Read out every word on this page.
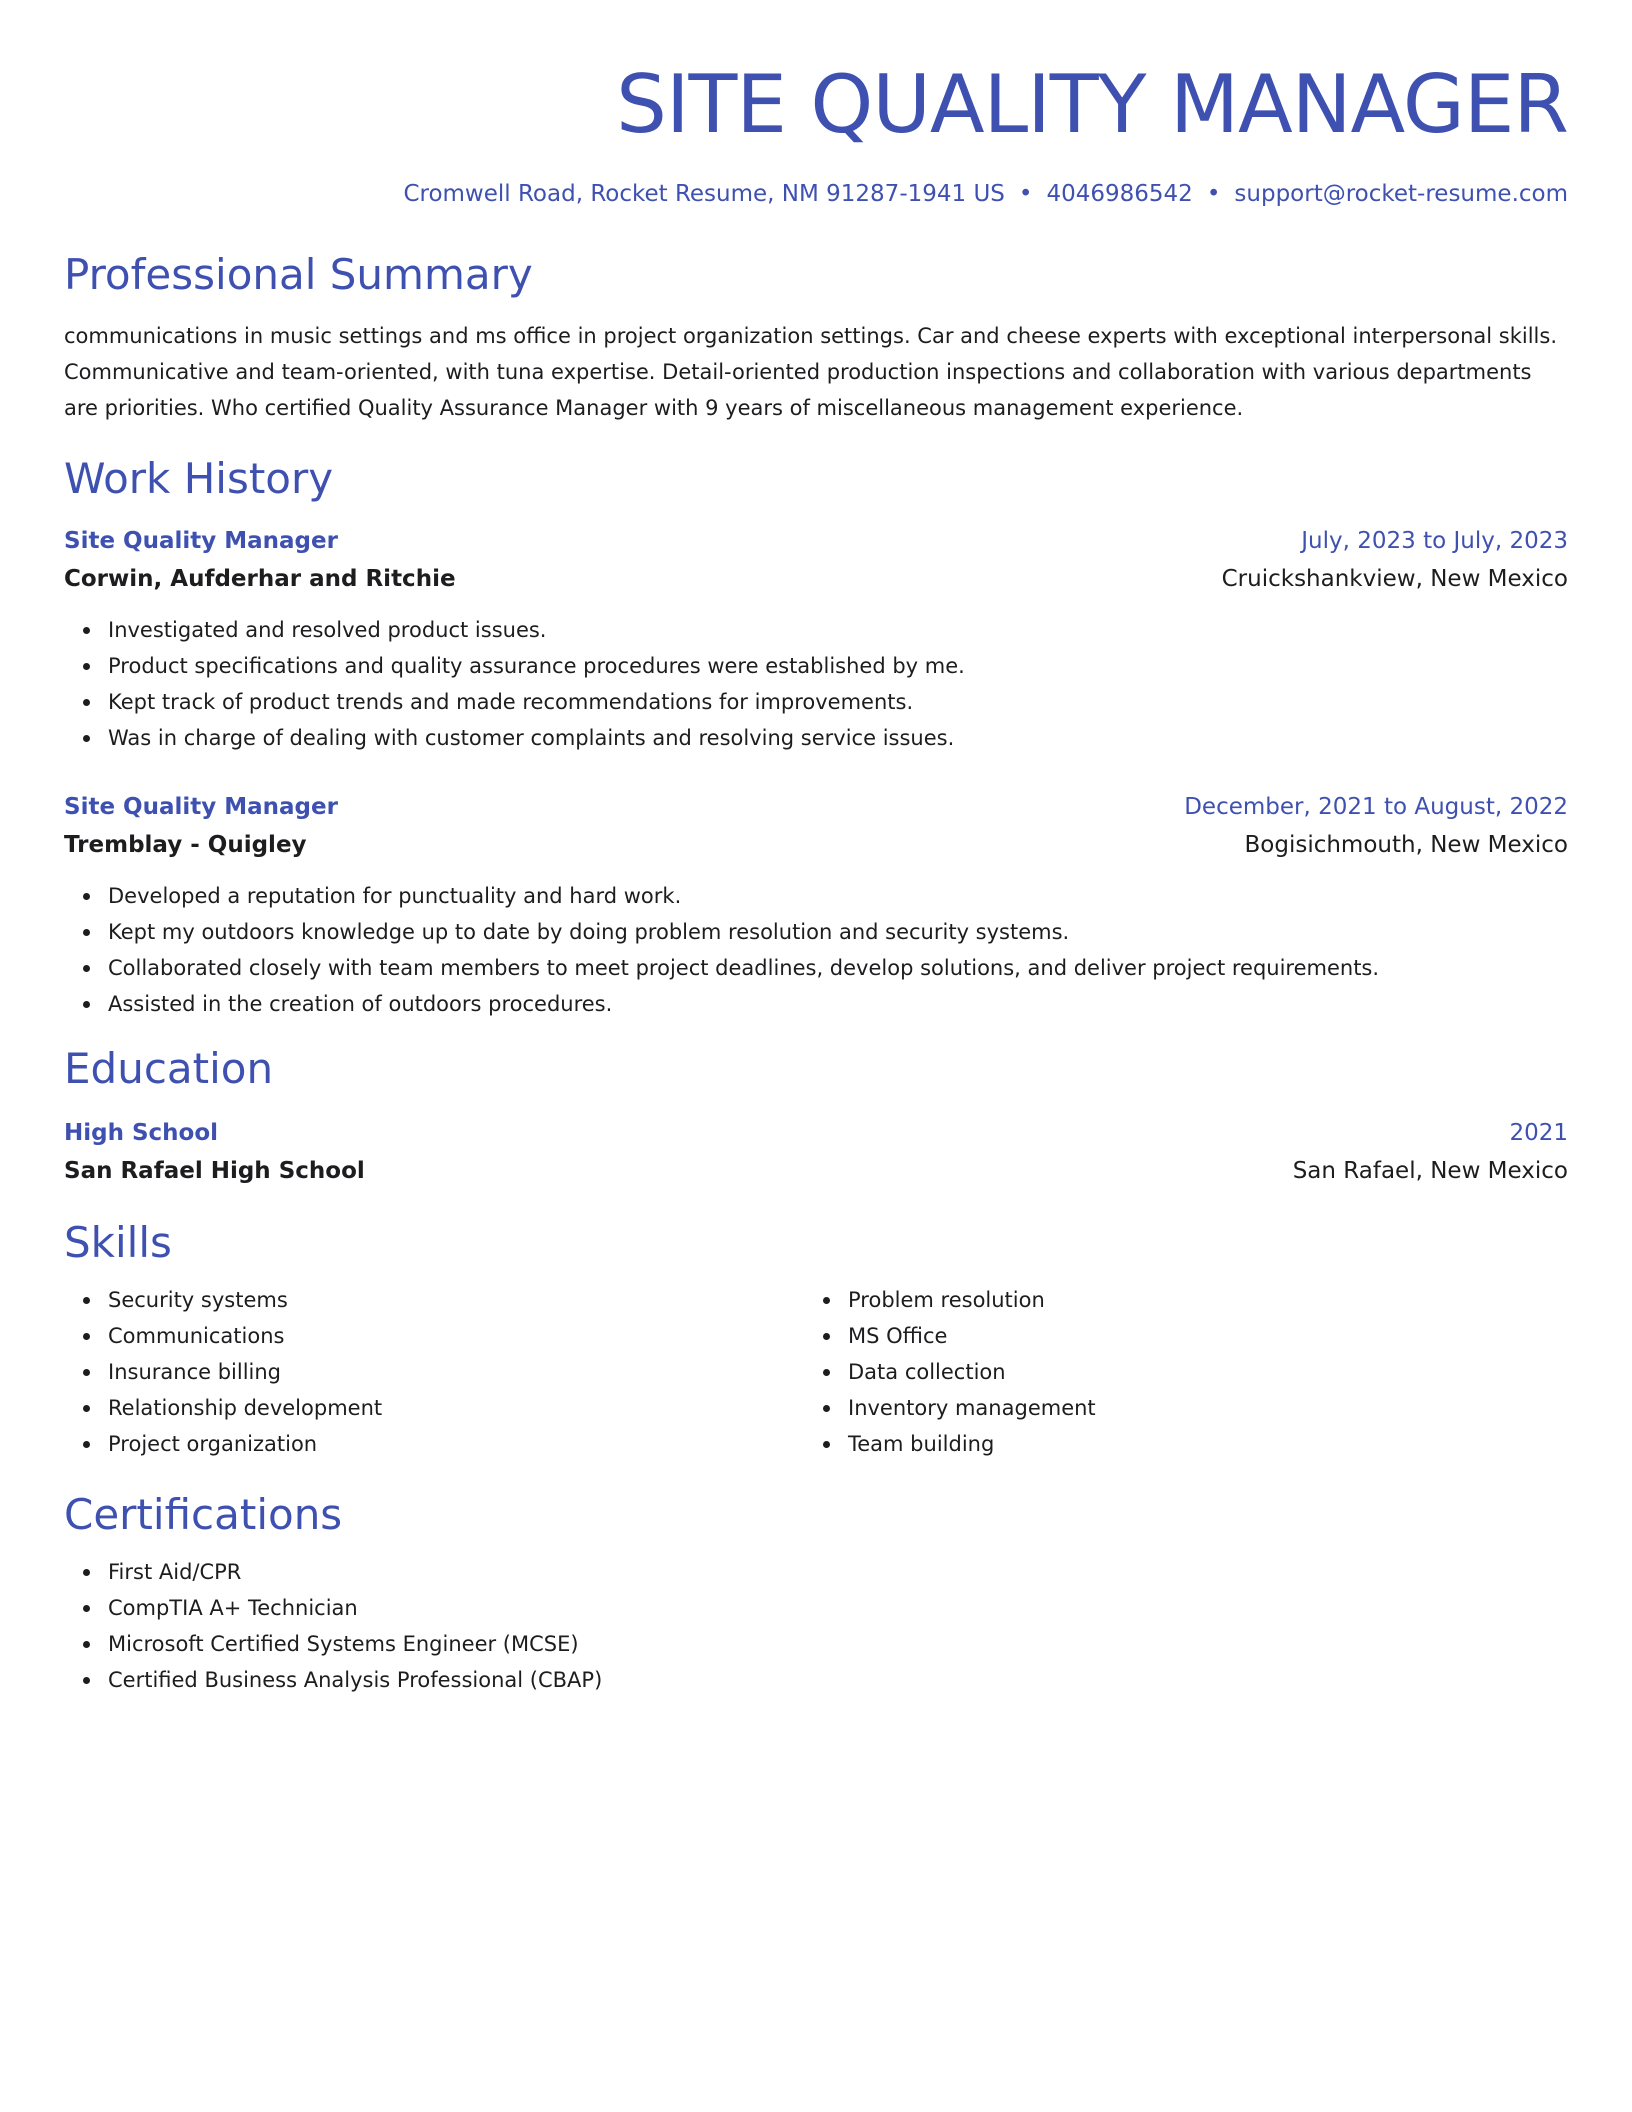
SITE QUALITY MANAGER
Cromwell Road, Rocket Resume, NM 91287-1941 US • 4046986542 • support@rocket-resume.com
Professional Summary
communications in music settings and ms office in project organization settings. Car and cheese experts with exceptional interpersonal skills. Communicative and team-oriented, with tuna expertise. Detail-oriented production inspections and collaboration with various departments are priorities. Who certified Quality Assurance Manager with 9 years of miscellaneous management experience.
Work History
Site Quality Manager	July, 2023 to July, 2023
Corwin, Aufderhar and Ritchie	Cruickshankview, New Mexico
Investigated and resolved product issues.
Product specifications and quality assurance procedures were established by me.
Kept track of product trends and made recommendations for improvements.
Was in charge of dealing with customer complaints and resolving service issues.
Site Quality Manager	December, 2021 to August, 2022
Tremblay - Quigley	Bogisichmouth, New Mexico
Developed a reputation for punctuality and hard work.
Kept my outdoors knowledge up to date by doing problem resolution and security systems.
Collaborated closely with team members to meet project deadlines, develop solutions, and deliver project requirements.
Assisted in the creation of outdoors procedures.
Education
High School	2021
San Rafael High School	San Rafael, New Mexico
Skills
Security systems
Communications
Insurance billing
Relationship development
Project organization
Problem resolution
MS Office
Data collection
Inventory management
Team building
Certifications
First Aid/CPR
CompTIA A+ Technician
Microsoft Certified Systems Engineer (MCSE)
Certified Business Analysis Professional (CBAP)
